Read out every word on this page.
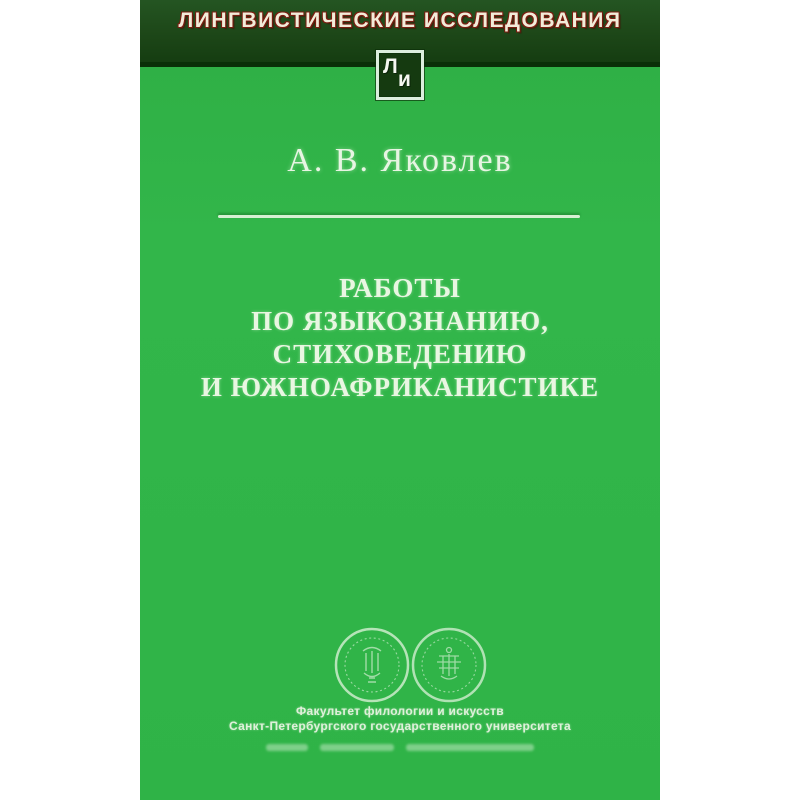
ЛИНГВИСТИЧЕСКИЕ ИССЛЕДОВАНИЯ
Л
и
А. В. Яковлев
РАБОТЫ
ПО ЯЗЫКОЗНАНИЮ,
СТИХОВЕДЕНИЮ
И ЮЖНОАФРИКАНИСТИКЕ

Факультет филологии и искусств
Санкт-Петербургского государственного университета
